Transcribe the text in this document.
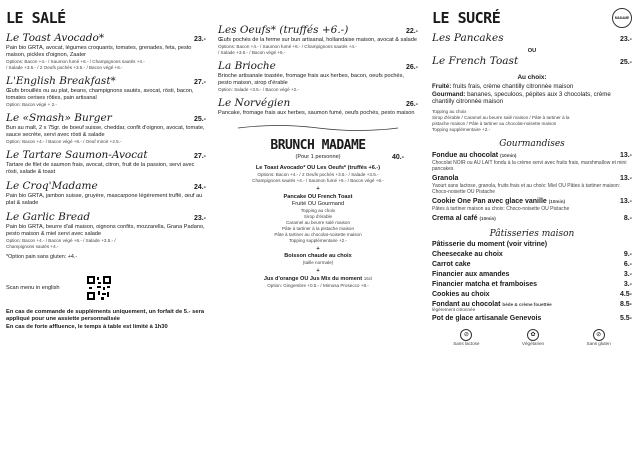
LE SALÉ
Le Toast Avocado*	23.-
Pain bio GRTA, avocat, légumes croquants, tomates, grenades, feta, pesto maison, pickles d'oignon, Zaater
Options: Bacon +4.- / Saumon fumé +6.- / Champignons sautés +4.-
/ Salade +3.5.- / 2 Oeufs pochés +3.5.- / Bacon végé +6.-
L'English Breakfast*	27.-
Œufs brouillés ou au plat, beans, champignons sautés, avocat, rösti, bacon, tomates cerises rôties, pain artisanal
Option: Bacon végé + 2.-
Le «Smash» Burger	25.-
Bun au malt, 2 x 75gr. de boeuf suisse, cheddar, confit d'oignon, avocat, tomate, sauce secrète, servi avec rösti & salade
Option: Bacon +4.- / Bacon végé +6.- / Oeuf miroir +2.5.-
Le Tartare Saumon-Avocat	27.-
Tartare de filet de saumon frais, avocat, citron, fruit de la passion, servi avec rösti, salade & toast
Le Croq'Madame	24.-
Pain bio GRTA, jambon suisse, gruyère, mascarpone légèrement truffé, œuf au plat & salade
Le Garlic Bread	23.-
Pain bio GRTA, beurre d'ail maison, oignons confits, mozzarella, Grana Padano, pesto maison & miel servi avec salade
Option: Bacon +4.- / Bacon végé +6.- / Salade +3.5.- /
Champignons sautés +4.-
*Option pain sans gluten: +4.-
Scan menu in english
En cas de commande de suppléments uniquement, un forfait de 5.- sera appliqué pour une assiette personnalisée
En cas de forte affluence, le temps à table est limité à 1h30
Les Oeufs* (truffés +6.-)	22.-
Œufs pochés de la ferme sur bun artisanal, hollandaise maison, avocat & salade
Options: Bacon +4.- / Saumon fumé +6.- / Champignons sautés +4.-
/ Salade +3.5.- / Bacon végé +6.-
La Brioche	26.-
Brioche artisanale toastée, fromage frais aux herbes, bacon, oeufs pochés, pesto maison, sirop d'érable
Option: Salade +3.5.- / Bacon végé +2.-
Le Norvégien	26.-
Pancake, fromage frais aux herbes, saumon fumé, oeufs pochés, pesto maison
BRUNCH MADAME
(Pour 1 personne)	40.-
Le Toast Avocado* OU Les Oeufs* (truffés +6.-)
Options: Bacon +4.- / 2 Oeufs pochés +3.5.- / Salade +3.5.-
Champignons sautés +4.- / Saumon fumé +6.- / Bacon végé +6.-
+
Pancake OU French Toast
Fruité OU Gourmand
Topping au choix
Sirop d'érable
Caramel au beurre salé maison
Pâte à tartiner à la pistache maison
Pâte à tartiner au chocolat-noisette maison
Topping supplémentaire +2.-
+
Boisson chaude au choix
(taille normale)
+
Jus d'orange OU Jus Mix du moment 15cl
Option: Gingembre +0.5.- / Mimosa Prosecco +8.-
LE SUCRÉ	MADAME
Les Pancakes	23.-
OU
Le French Toast	25.-
Au choix:
Fruité: fruits frais, crème chantilly citronnée maison
Gourmand: bananes, speculoos, pépites aux 3 chocolats, crème chantilly citronnée maison
Topping au choix
Sirop d'érable / Caramel au beurre salé maison / Pâte à tartiner à la
pistache maison / Pâte à tartiner au chocolat-noisette maison
Topping supplémentaire +2.-
Gourmandises
Fondue au chocolat (10min)	13.-
Chocolat NOIR ou AU LAIT fondu à la crème servi avec fruits frais, marshmallow et mini pancakes
Granola	13.-
Yaourt sans lactose, granola, fruits frais et au choix: Miel OU Pâtes à tartiner maison: Choco-noisette OU Pistache
Cookie One Pan avec glace vanille (10min)	13.-
Pâtes à tartiner maison au choix: Choco-noisette OU Pistache
Crema al café (10min)	8.-
Pâtisseries maison
Pâtisserie du moment (voir vitrine)
Cheesecake au choix	9.-
Carrot cake	6.-
Financier aux amandes	3.-
Financier matcha et framboises	3.-
Cookies au choix	4.5-
Fondant au chocolat bède & crème fouettée	8.5-
légèrement citronnée
Pot de glace artisanale Genevois	5.5-
⊘
Sans lactose
✿
Végétarien
⊘
Sans gluten
